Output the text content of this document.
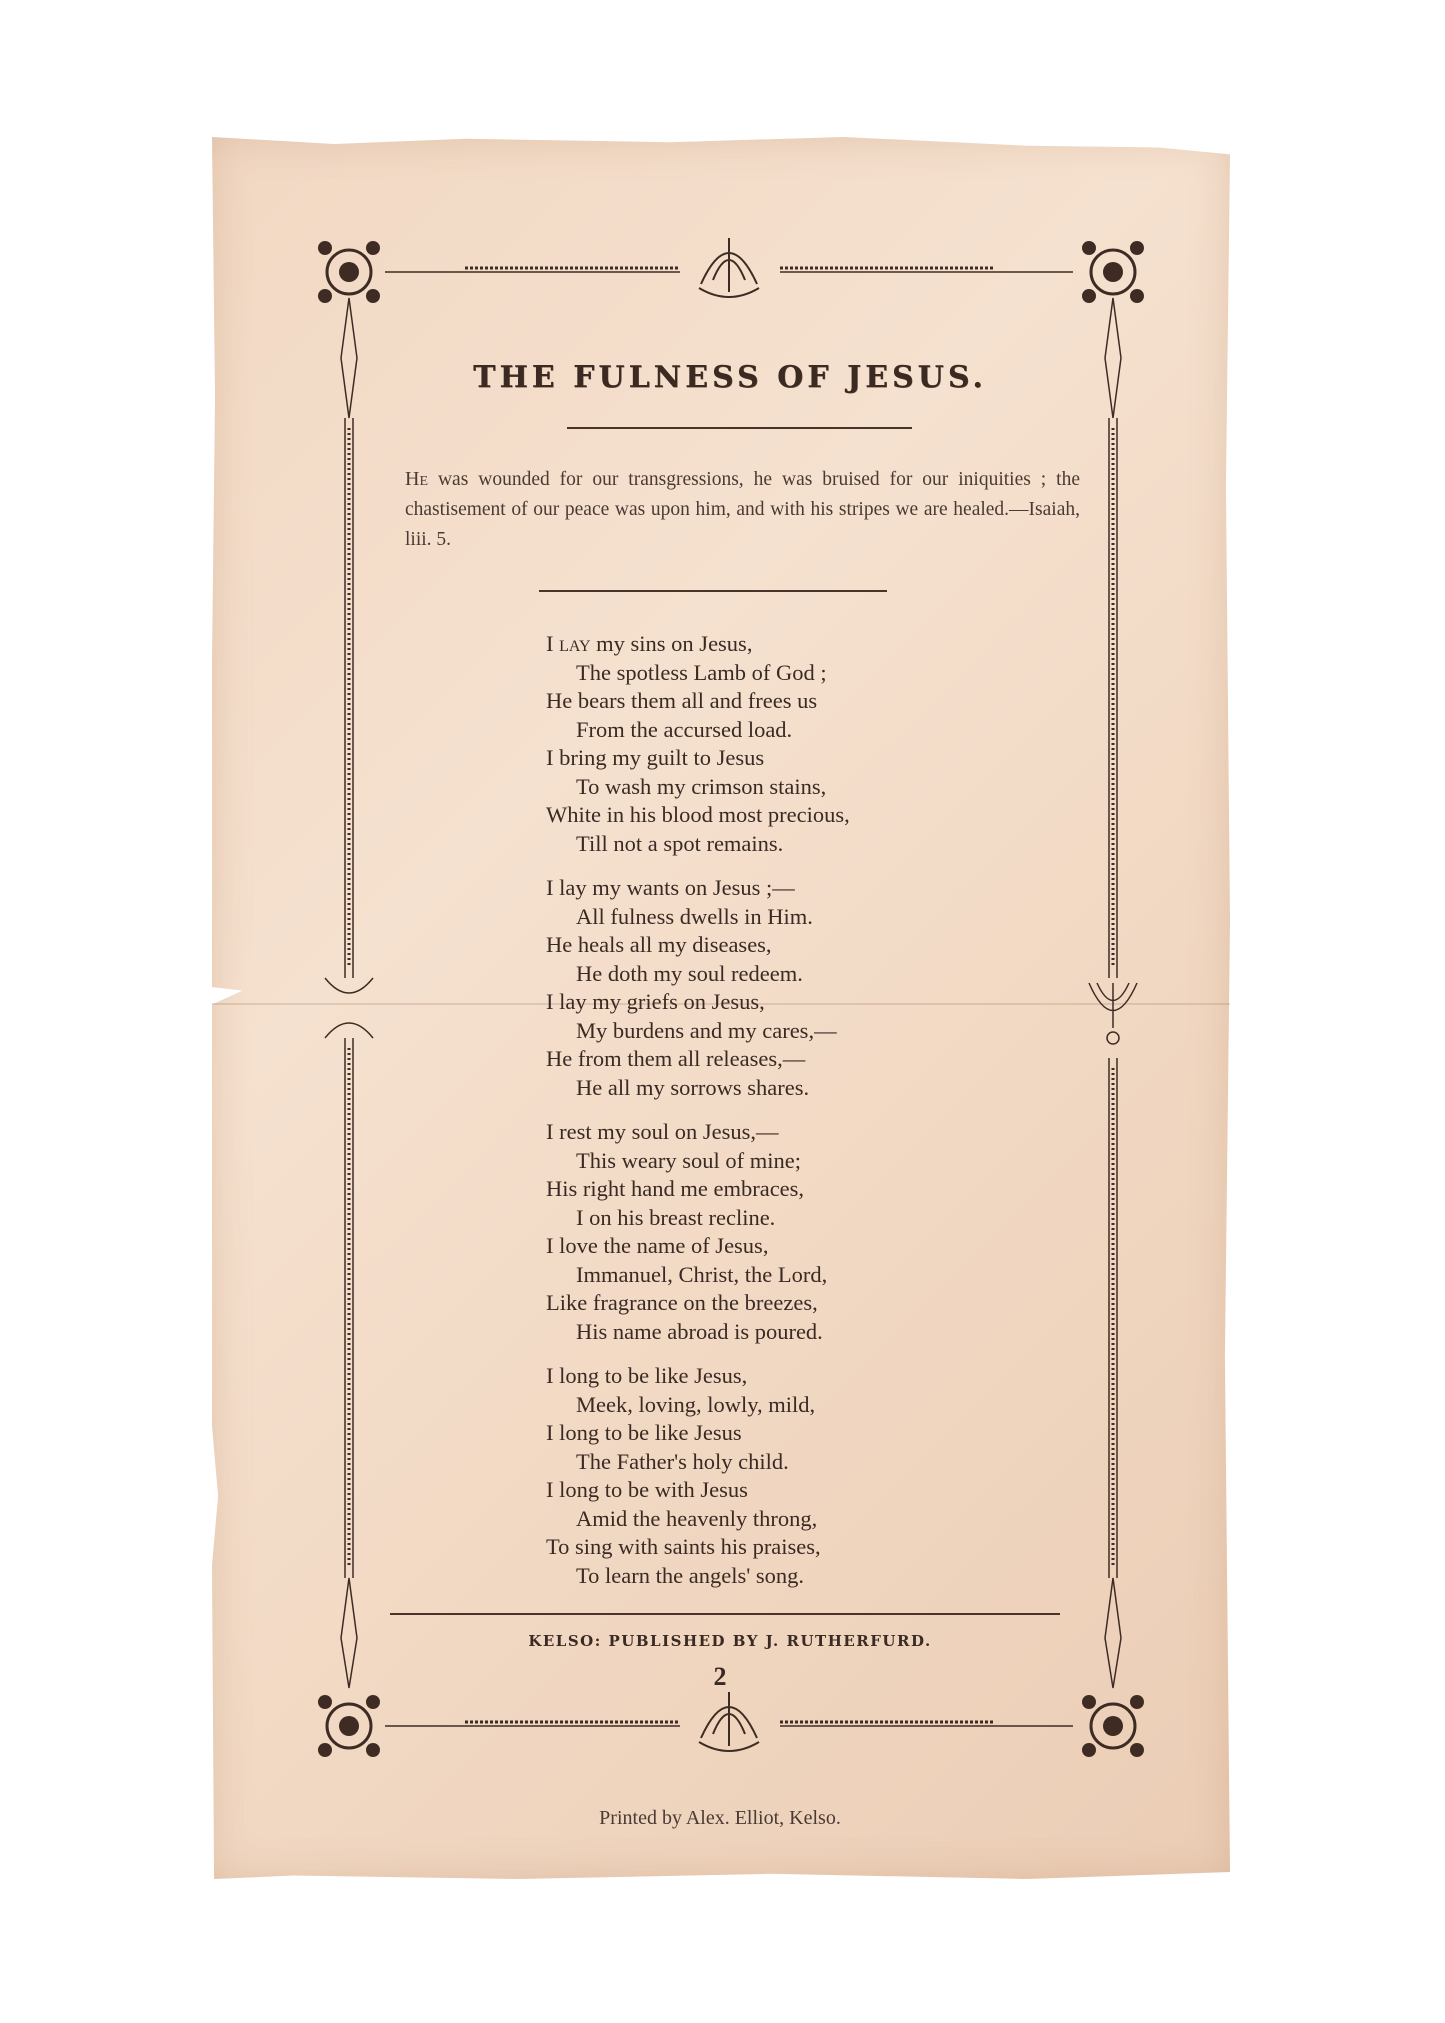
THE FULNESS OF JESUS.
He was wounded for our transgressions, he was bruised for our iniquities ; the chastisement of our peace was upon him, and with his stripes we are healed.—Isaiah, liii. 5.
I lay my sins on Jesus,
The spotless Lamb of God ;
He bears them all and frees us
From the accursed load.
I bring my guilt to Jesus
To wash my crimson stains,
White in his blood most precious,
Till not a spot remains.
I lay my wants on Jesus ;—
All fulness dwells in Him.
He heals all my diseases,
He doth my soul redeem.
I lay my griefs on Jesus,
My burdens and my cares,—
He from them all releases,—
He all my sorrows shares.
I rest my soul on Jesus,—
This weary soul of mine;
His right hand me embraces,
I on his breast recline.
I love the name of Jesus,
Immanuel, Christ, the Lord,
Like fragrance on the breezes,
His name abroad is poured.
I long to be like Jesus,
Meek, loving, lowly, mild,
I long to be like Jesus
The Father's holy child.
I long to be with Jesus
Amid the heavenly throng,
To sing with saints his praises,
To learn the angels' song.
KELSO: PUBLISHED BY J. RUTHERFURD.
2
Printed by Alex. Elliot, Kelso.
